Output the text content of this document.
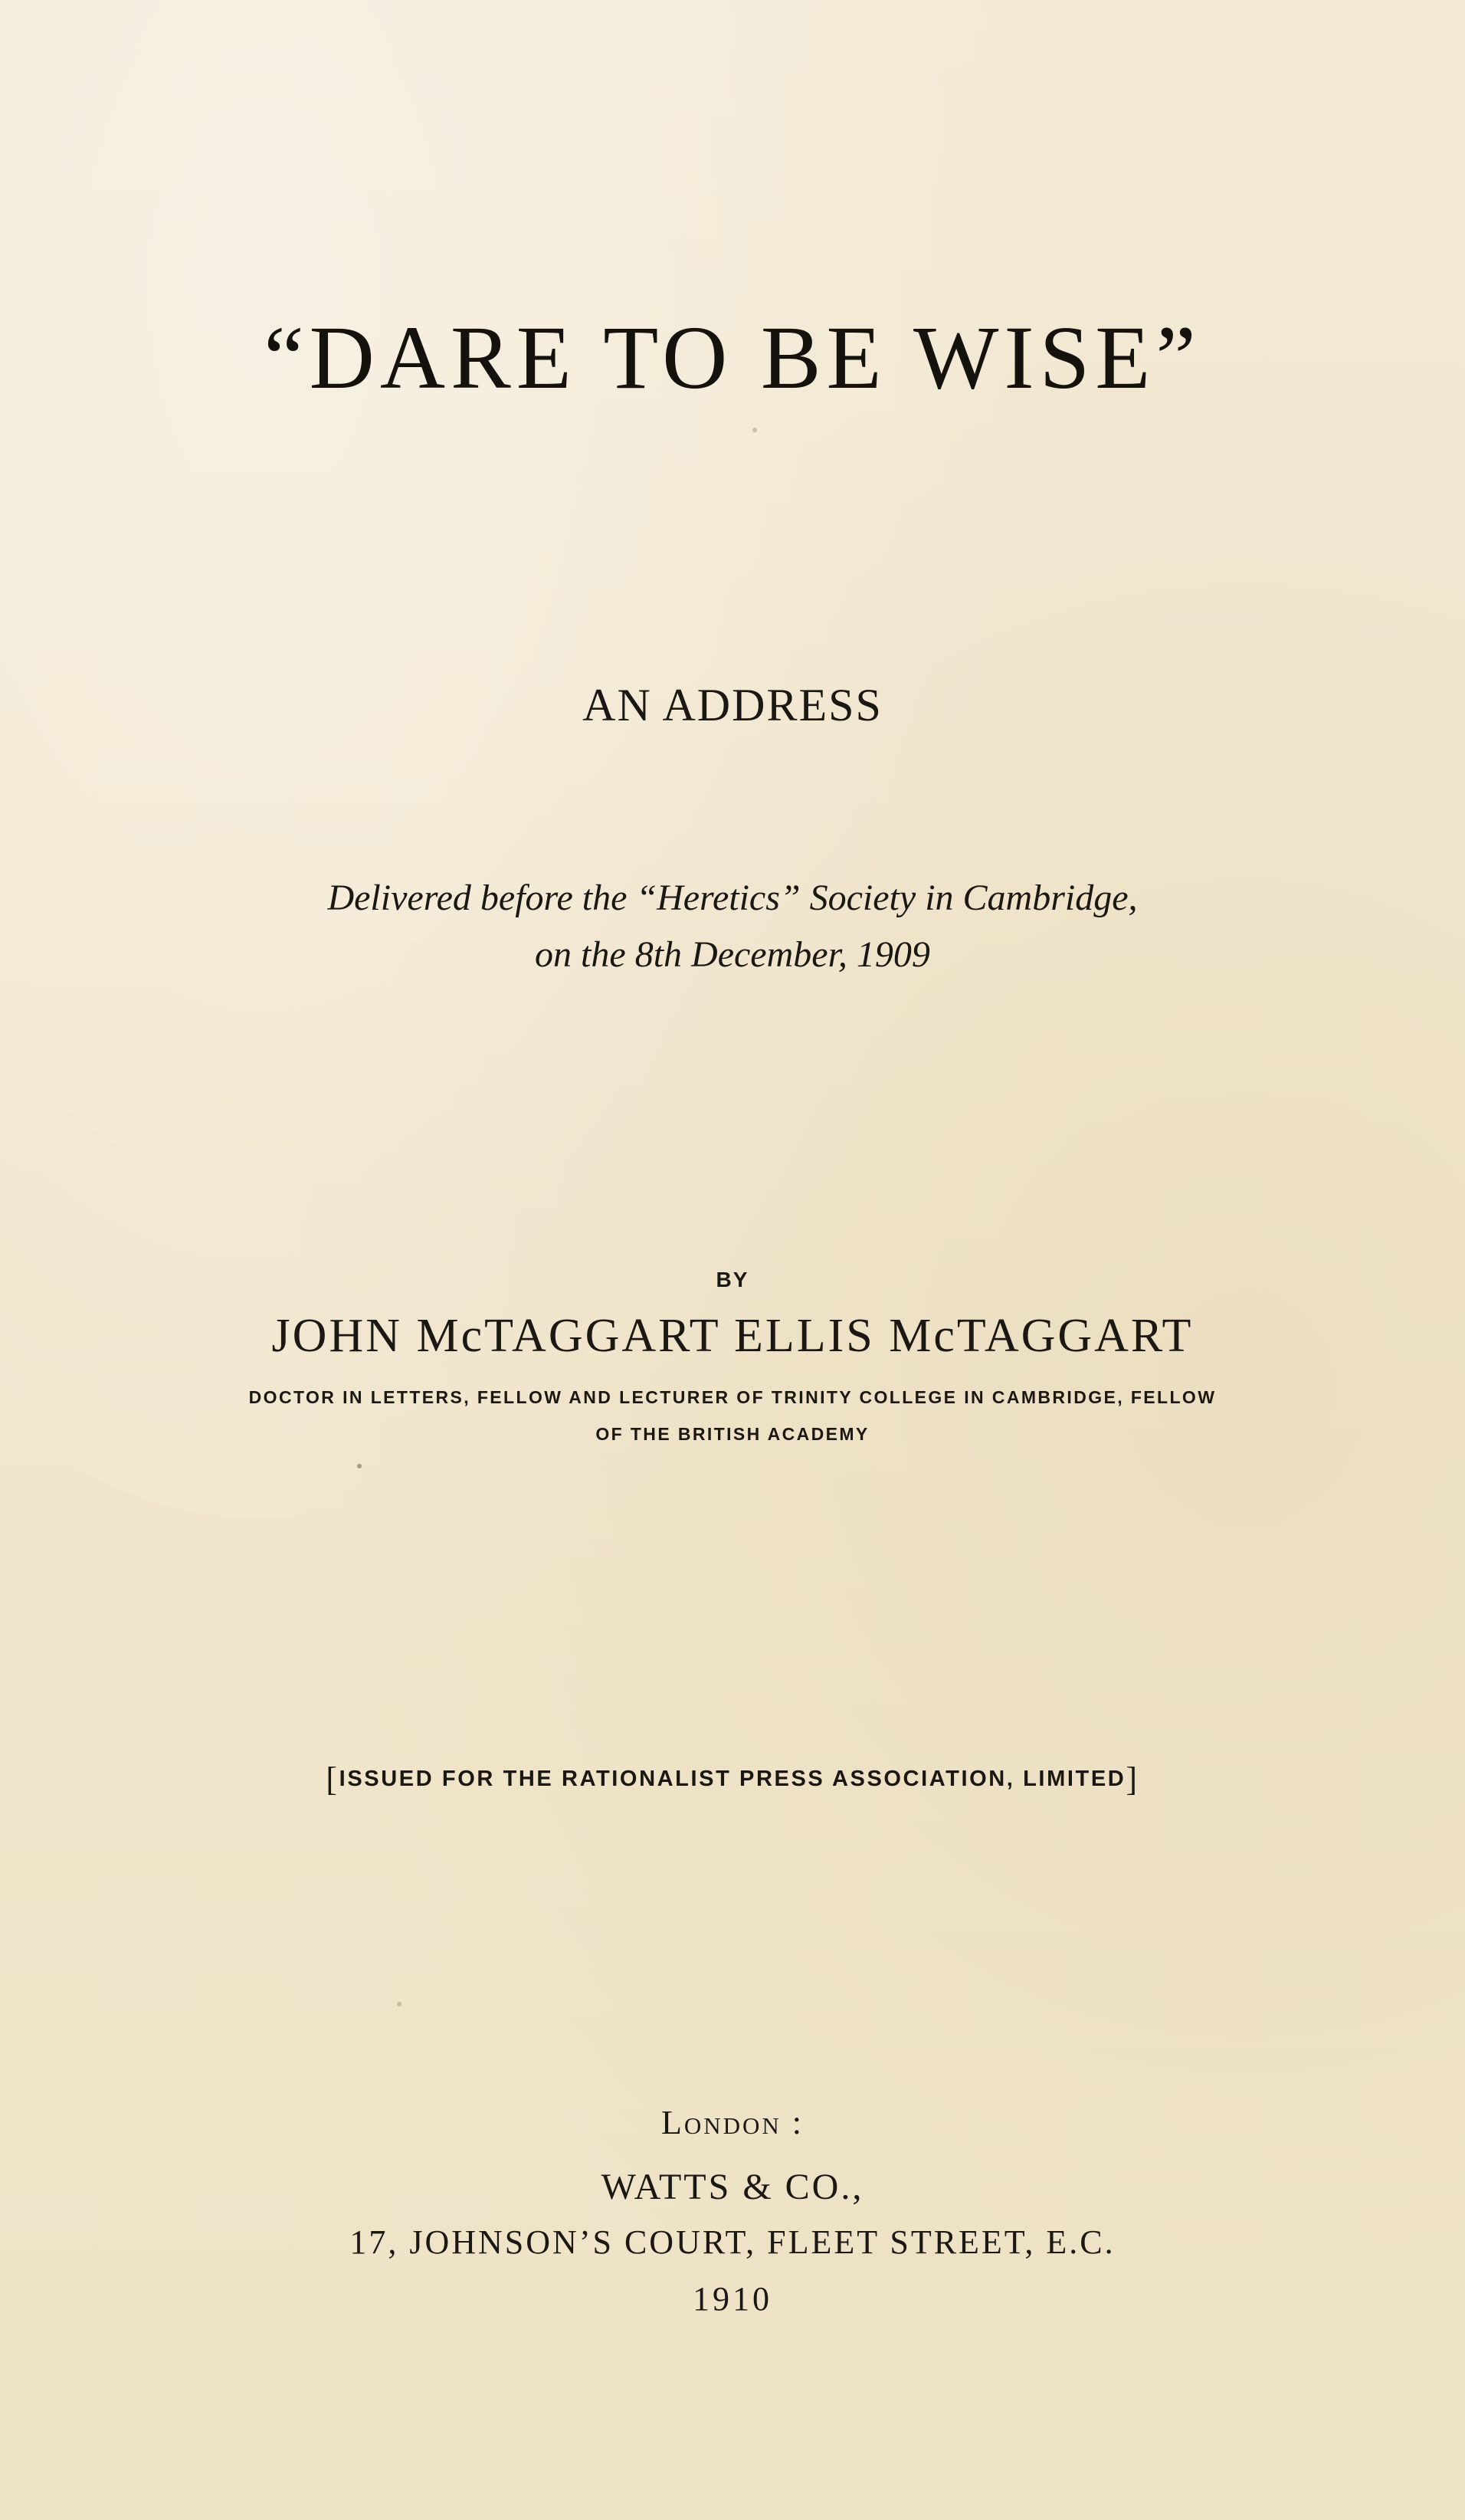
“DARE TO BE WISE”
AN ADDRESS
Delivered before the “Heretics” Society in Cambridge,
on the 8th December, 1909
BY
JOHN McTAGGART ELLIS McTAGGART
DOCTOR IN LETTERS, FELLOW AND LECTURER OF TRINITY COLLEGE IN CAMBRIDGE, FELLOW
OF THE BRITISH ACADEMY
[ISSUED FOR THE RATIONALIST PRESS ASSOCIATION, LIMITED]
London :
WATTS & CO.,
17, JOHNSON’S COURT, FLEET STREET, E.C.
1910
